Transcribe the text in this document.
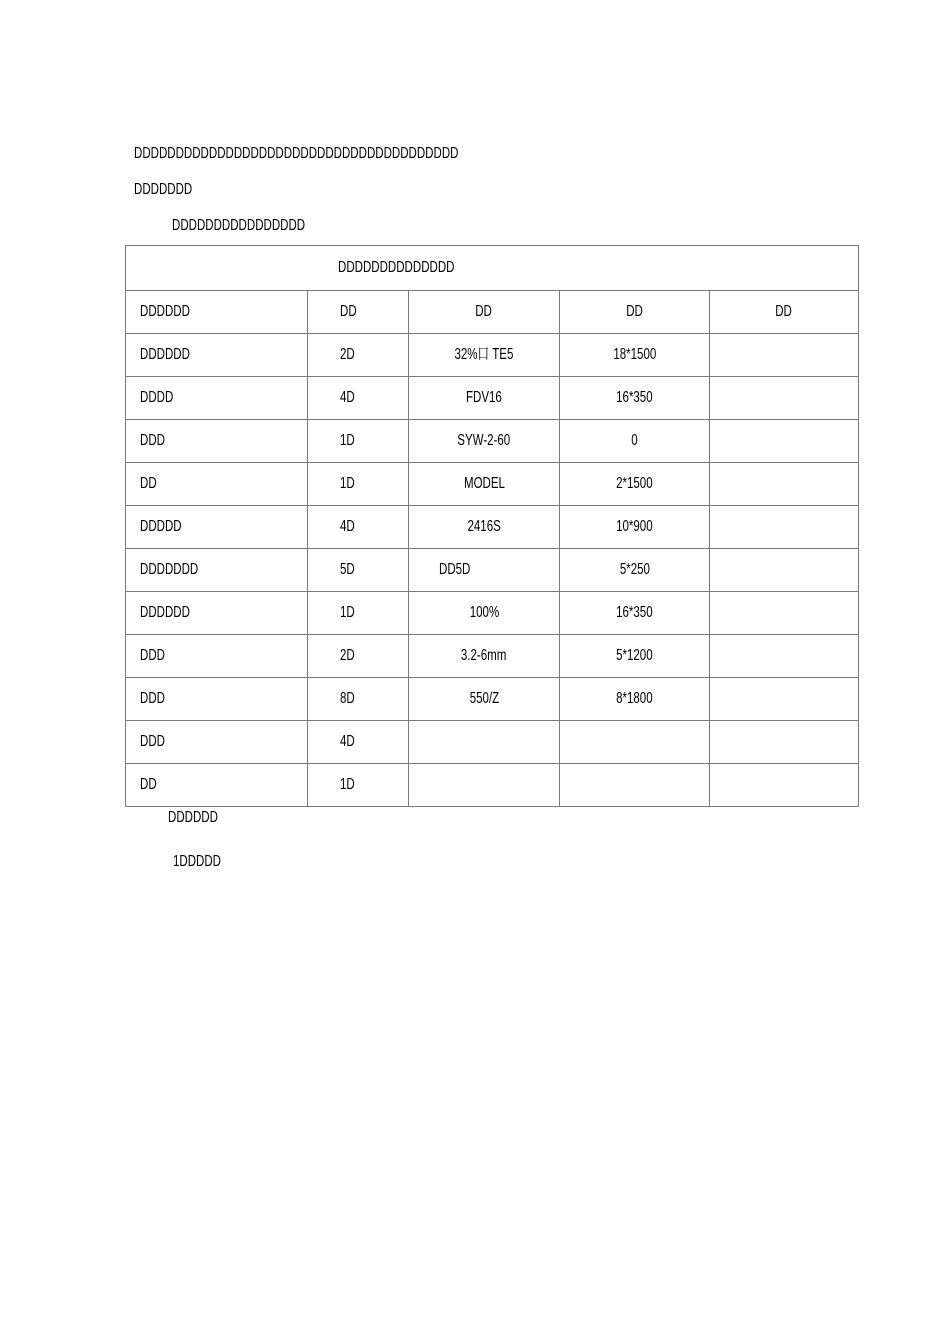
DDDDDDDDDDDDDDDDDDDDDDDDDDDDDDDDDDDDDDD
DDDDDDD
DDDDDDDDDDDDDDDD
DDDDDDDDDDDDDD				
DDDDDD	DD	DD	DD	DD
DDDDDD	2D	32%口 TE5	18*1500	
DDDD	4D	FDV16	16*350	
DDD	1D	SYW-2-60	0	
DD	1D	MODEL	2*1500	
DDDDD	4D	2416S	10*900	
DDDDDDD	5D	DD5D	5*250	
DDDDDD	1D	100%	16*350	
DDD	2D	3.2-6mm	5*1200	
DDD	8D	550/Z	8*1800	
DDD	4D			
DD	1D			
DDDDDD
1DDDDD
